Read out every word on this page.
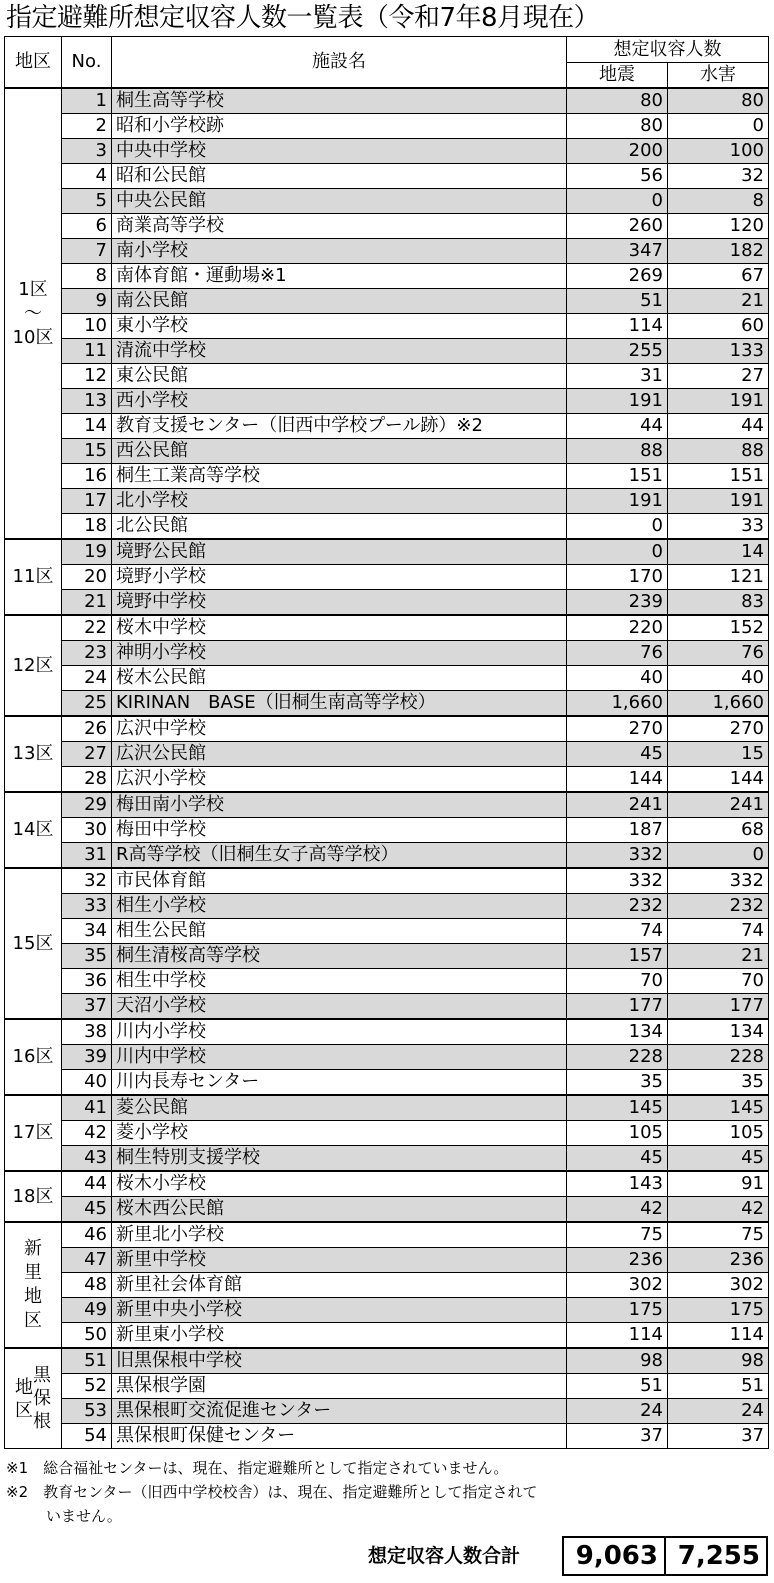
指定避難所想定収容人数一覧表（令和7年8月現在）
地区	No.	施設名	想定収容人数	
			地震	水害

1区
～
10区	1	桐生高等学校	80	80
	2	昭和小学校跡	80	0
	3	中央中学校	200	100
	4	昭和公民館	56	32
	5	中央公民館	0	8
	6	商業高等学校	260	120
	7	南小学校	347	182
	8	南体育館・運動場※1	269	67
	9	南公民館	51	21
	10	東小学校	114	60
	11	清流中学校	255	133
	12	東公民館	31	27
	13	西小学校	191	191
	14	教育支援センター（旧西中学校プール跡）※2	44	44
	15	西公民館	88	88
	16	桐生工業高等学校	151	151
	17	北小学校	191	191
	18	北公民館	0	33

11区	19	境野公民館	0	14
	20	境野小学校	170	121
	21	境野中学校	239	83

12区	22	桜木中学校	220	152
	23	神明小学校	76	76
	24	桜木公民館	40	40
	25	KIRINAN　BASE（旧桐生南高等学校）	1,660	1,660

13区	26	広沢中学校	270	270
	27	広沢公民館	45	15
	28	広沢小学校	144	144

14区	29	梅田南小学校	241	241
	30	梅田中学校	187	68
	31	R高等学校（旧桐生女子高等学校）	332	0

15区	32	市民体育館	332	332
	33	相生小学校	232	232
	34	相生公民館	74	74
	35	桐生清桜高等学校	157	21
	36	相生中学校	70	70
	37	天沼小学校	177	177

16区	38	川内小学校	134	134
	39	川内中学校	228	228
	40	川内長寿センター	35	35

17区	41	菱公民館	145	145
	42	菱小学校	105	105
	43	桐生特別支援学校	45	45

18区	44	桜木小学校	143	91
	45	桜木西公民館	42	42

新
里
地
区	46	新里北小学校	75	75
	47	新里中学校	236	236
	48	新里社会体育館	302	302
	49	新里中央小学校	175	175
	50	新里東小学校	114	114

地
区
黒
保
根	51	旧黒保根中学校	98	98
	52	黒保根学園	51	51
	53	黒保根町交流促進センター	24	24
	54	黒保根町保健センター	37	37
※1　総合福祉センターは、現在、指定避難所として指定されていません。
※2　教育センター（旧西中学校校舎）は、現在、指定避難所として指定されて
いません。
想定収容人数合計	9,063 7,255
